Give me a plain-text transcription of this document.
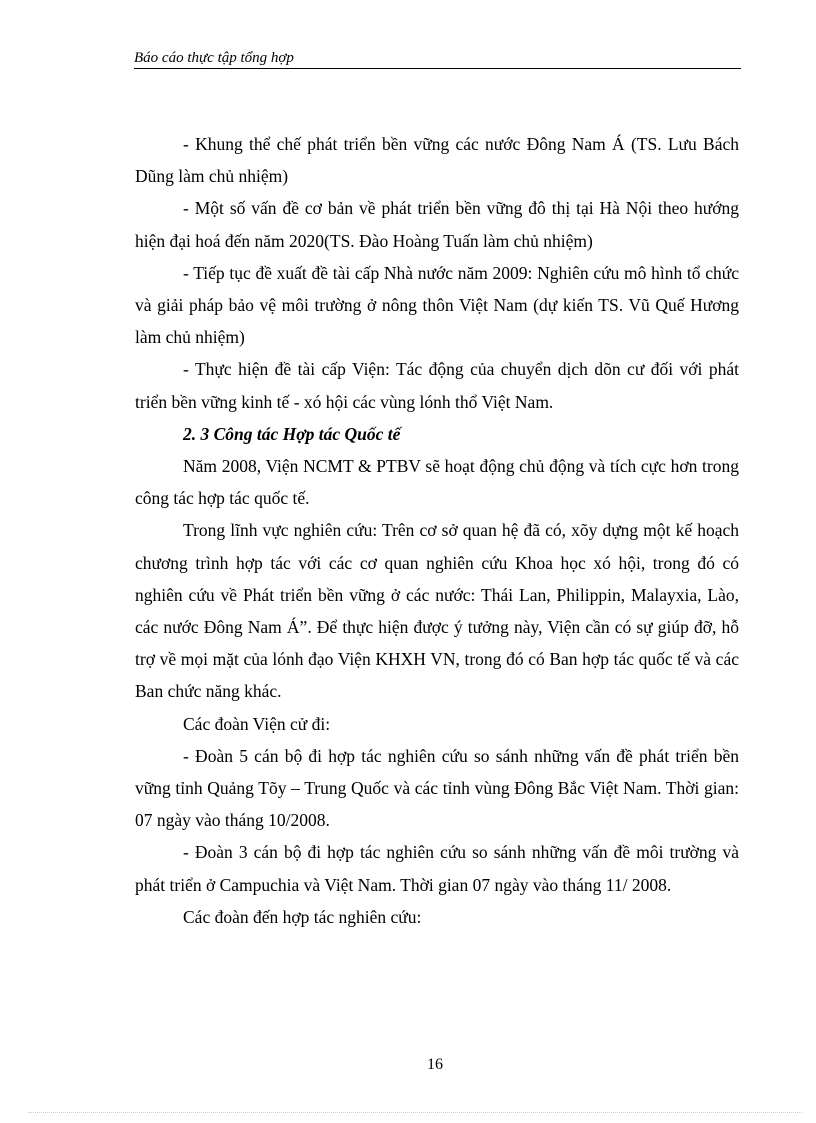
Báo cáo thực tập tổng hợp

- Khung thể chế phát triển bền vững các nước Đông Nam Á (TS. Lưu Bách Dũng làm chủ nhiệm)

- Một số vấn đề cơ bản về phát triển bền vững đô thị tại Hà Nội theo hướng hiện đại hoá đến năm 2020(TS. Đào Hoàng Tuấn làm chủ nhiệm)

- Tiếp tục đề xuất đề tài cấp Nhà nước năm 2009: Nghiên cứu mô hình tổ chức và giải pháp bảo vệ môi trường ở nông thôn Việt Nam (dự kiến TS. Vũ Quế Hương làm chủ nhiệm)

- Thực hiện đề tài cấp Viện: Tác động của chuyển dịch dõn cư đối với phát triển bền vững kinh tế - xó hội các vùng lónh thổ Việt Nam.

2. 3 Công tác Hợp tác Quốc tế

Năm 2008, Viện NCMT & PTBV sẽ hoạt động chủ động và tích cực hơn trong công tác hợp tác quốc tế.

Trong lĩnh vực nghiên cứu: Trên cơ sở quan hệ đã có, xõy dựng một kế hoạch chương trình hợp tác với các cơ quan nghiên cứu Khoa học xó hội, trong đó có nghiên cứu về Phát triển bền vững ở các nước: Thái Lan, Philippin, Malayxia, Lào, các nước Đông Nam Á”. Để thực hiện được ý tưởng này, Viện cần có sự giúp đỡ, hỗ trợ về mọi mặt của lónh đạo Viện KHXH VN, trong đó có Ban hợp tác quốc tế và các Ban chức năng khác.

Các đoàn Viện cử đi:

- Đoàn 5 cán bộ đi hợp tác nghiên cứu so sánh những vấn đề phát triển bền vững tỉnh Quảng Tõy – Trung Quốc và các tỉnh vùng Đông Bắc Việt Nam. Thời gian: 07 ngày vào tháng 10/2008.

- Đoàn 3 cán bộ đi hợp tác nghiên cứu so sánh những vấn đề môi trường và phát triển ở Campuchia và Việt Nam. Thời gian 07 ngày vào tháng 11/ 2008.

Các đoàn đến hợp tác nghiên cứu:

16
